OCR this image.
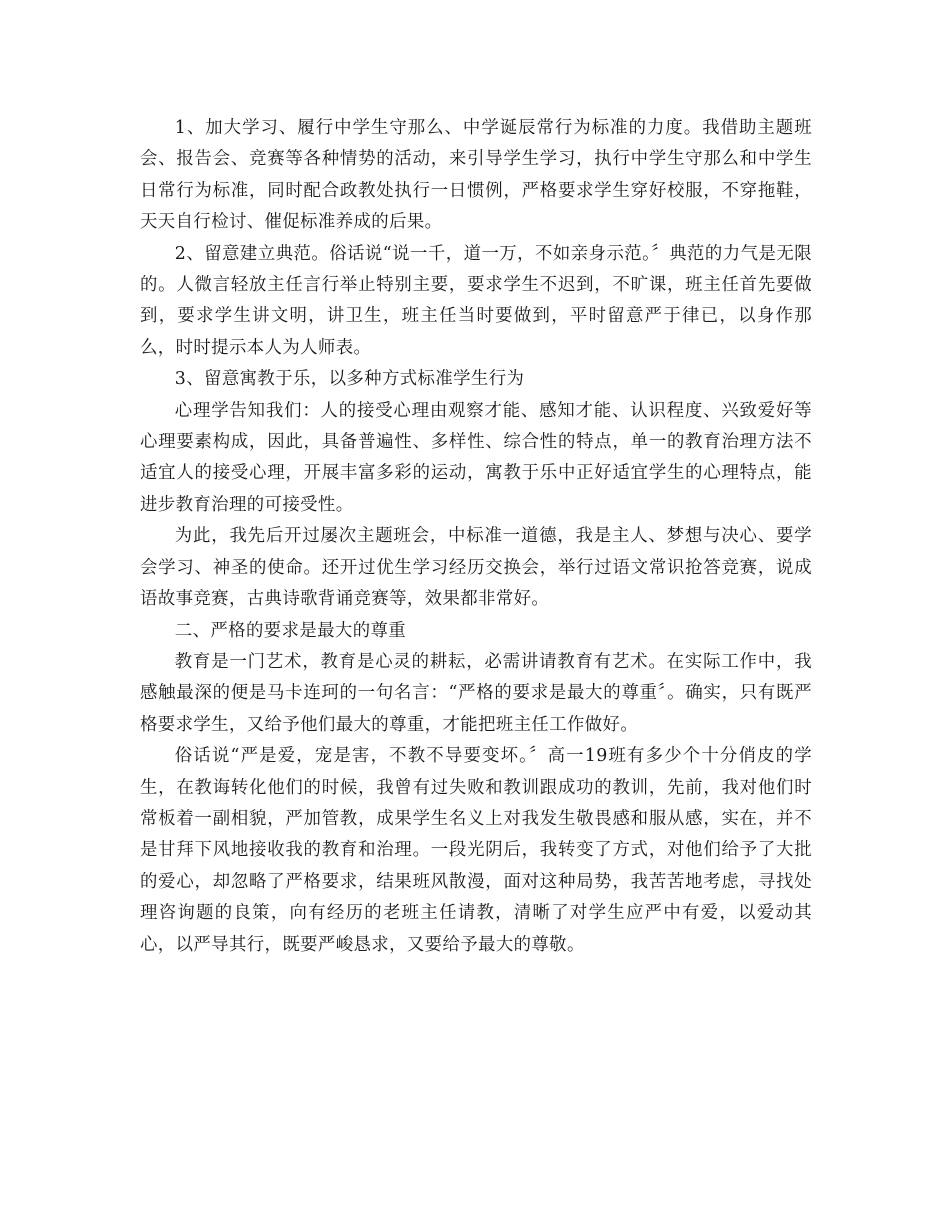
1、加大学习、履行中学生守那么、中学诞辰常行为标准的力度。我借助主题班会、报告会、竞赛等各种情势的活动，来引导学生学习，执行中学生守那么和中学生日常行为标准，同时配合政教处执行一日惯例，严格要求学生穿好校服，不穿拖鞋，天天自行检讨、催促标准养成的后果。

2、留意建立典范。俗话说“说一千，道一万，不如亲身示范。〞典范的力气是无限的。人微言轻放主任言行举止特别主要，要求学生不迟到，不旷课，班主任首先要做到，要求学生讲文明，讲卫生，班主任当时要做到，平时留意严于律已，以身作那么，时时提示本人为人师表。

3、留意寓教于乐，以多种方式标准学生行为

心理学告知我们：人的接受心理由观察才能、感知才能、认识程度、兴致爱好等心理要素构成，因此，具备普遍性、多样性、综合性的特点，单一的教育治理方法不适宜人的接受心理，开展丰富多彩的运动，寓教于乐中正好适宜学生的心理特点，能进步教育治理的可接受性。

为此，我先后开过屡次主题班会，中标准一道德，我是主人、梦想与决心、要学会学习、神圣的使命。还开过优生学习经历交换会，举行过语文常识抢答竞赛，说成语故事竞赛，古典诗歌背诵竞赛等，效果都非常好。

二、严格的要求是最大的尊重

教育是一门艺术，教育是心灵的耕耘，必需讲请教育有艺术。在实际工作中，我感触最深的便是马卡连珂的一句名言：“严格的要求是最大的尊重〞。确实，只有既严格要求学生，又给予他们最大的尊重，才能把班主任工作做好。

俗话说“严是爱，宠是害，不教不导要变坏。〞高一19班有多少个十分俏皮的学生，在教诲转化他们的时候，我曾有过失败和教训跟成功的教训，先前，我对他们时常板着一副相貌，严加管教，成果学生名义上对我发生敬畏感和服从感，实在，并不是甘拜下风地接收我的教育和治理。一段光阴后，我转变了方式，对他们给予了大批的爱心，却忽略了严格要求，结果班风散漫，面对这种局势，我苦苦地考虑，寻找处理咨询题的良策，向有经历的老班主任请教，清晰了对学生应严中有爱，以爱动其心，以严导其行，既要严峻恳求，又要给予最大的尊敬。
